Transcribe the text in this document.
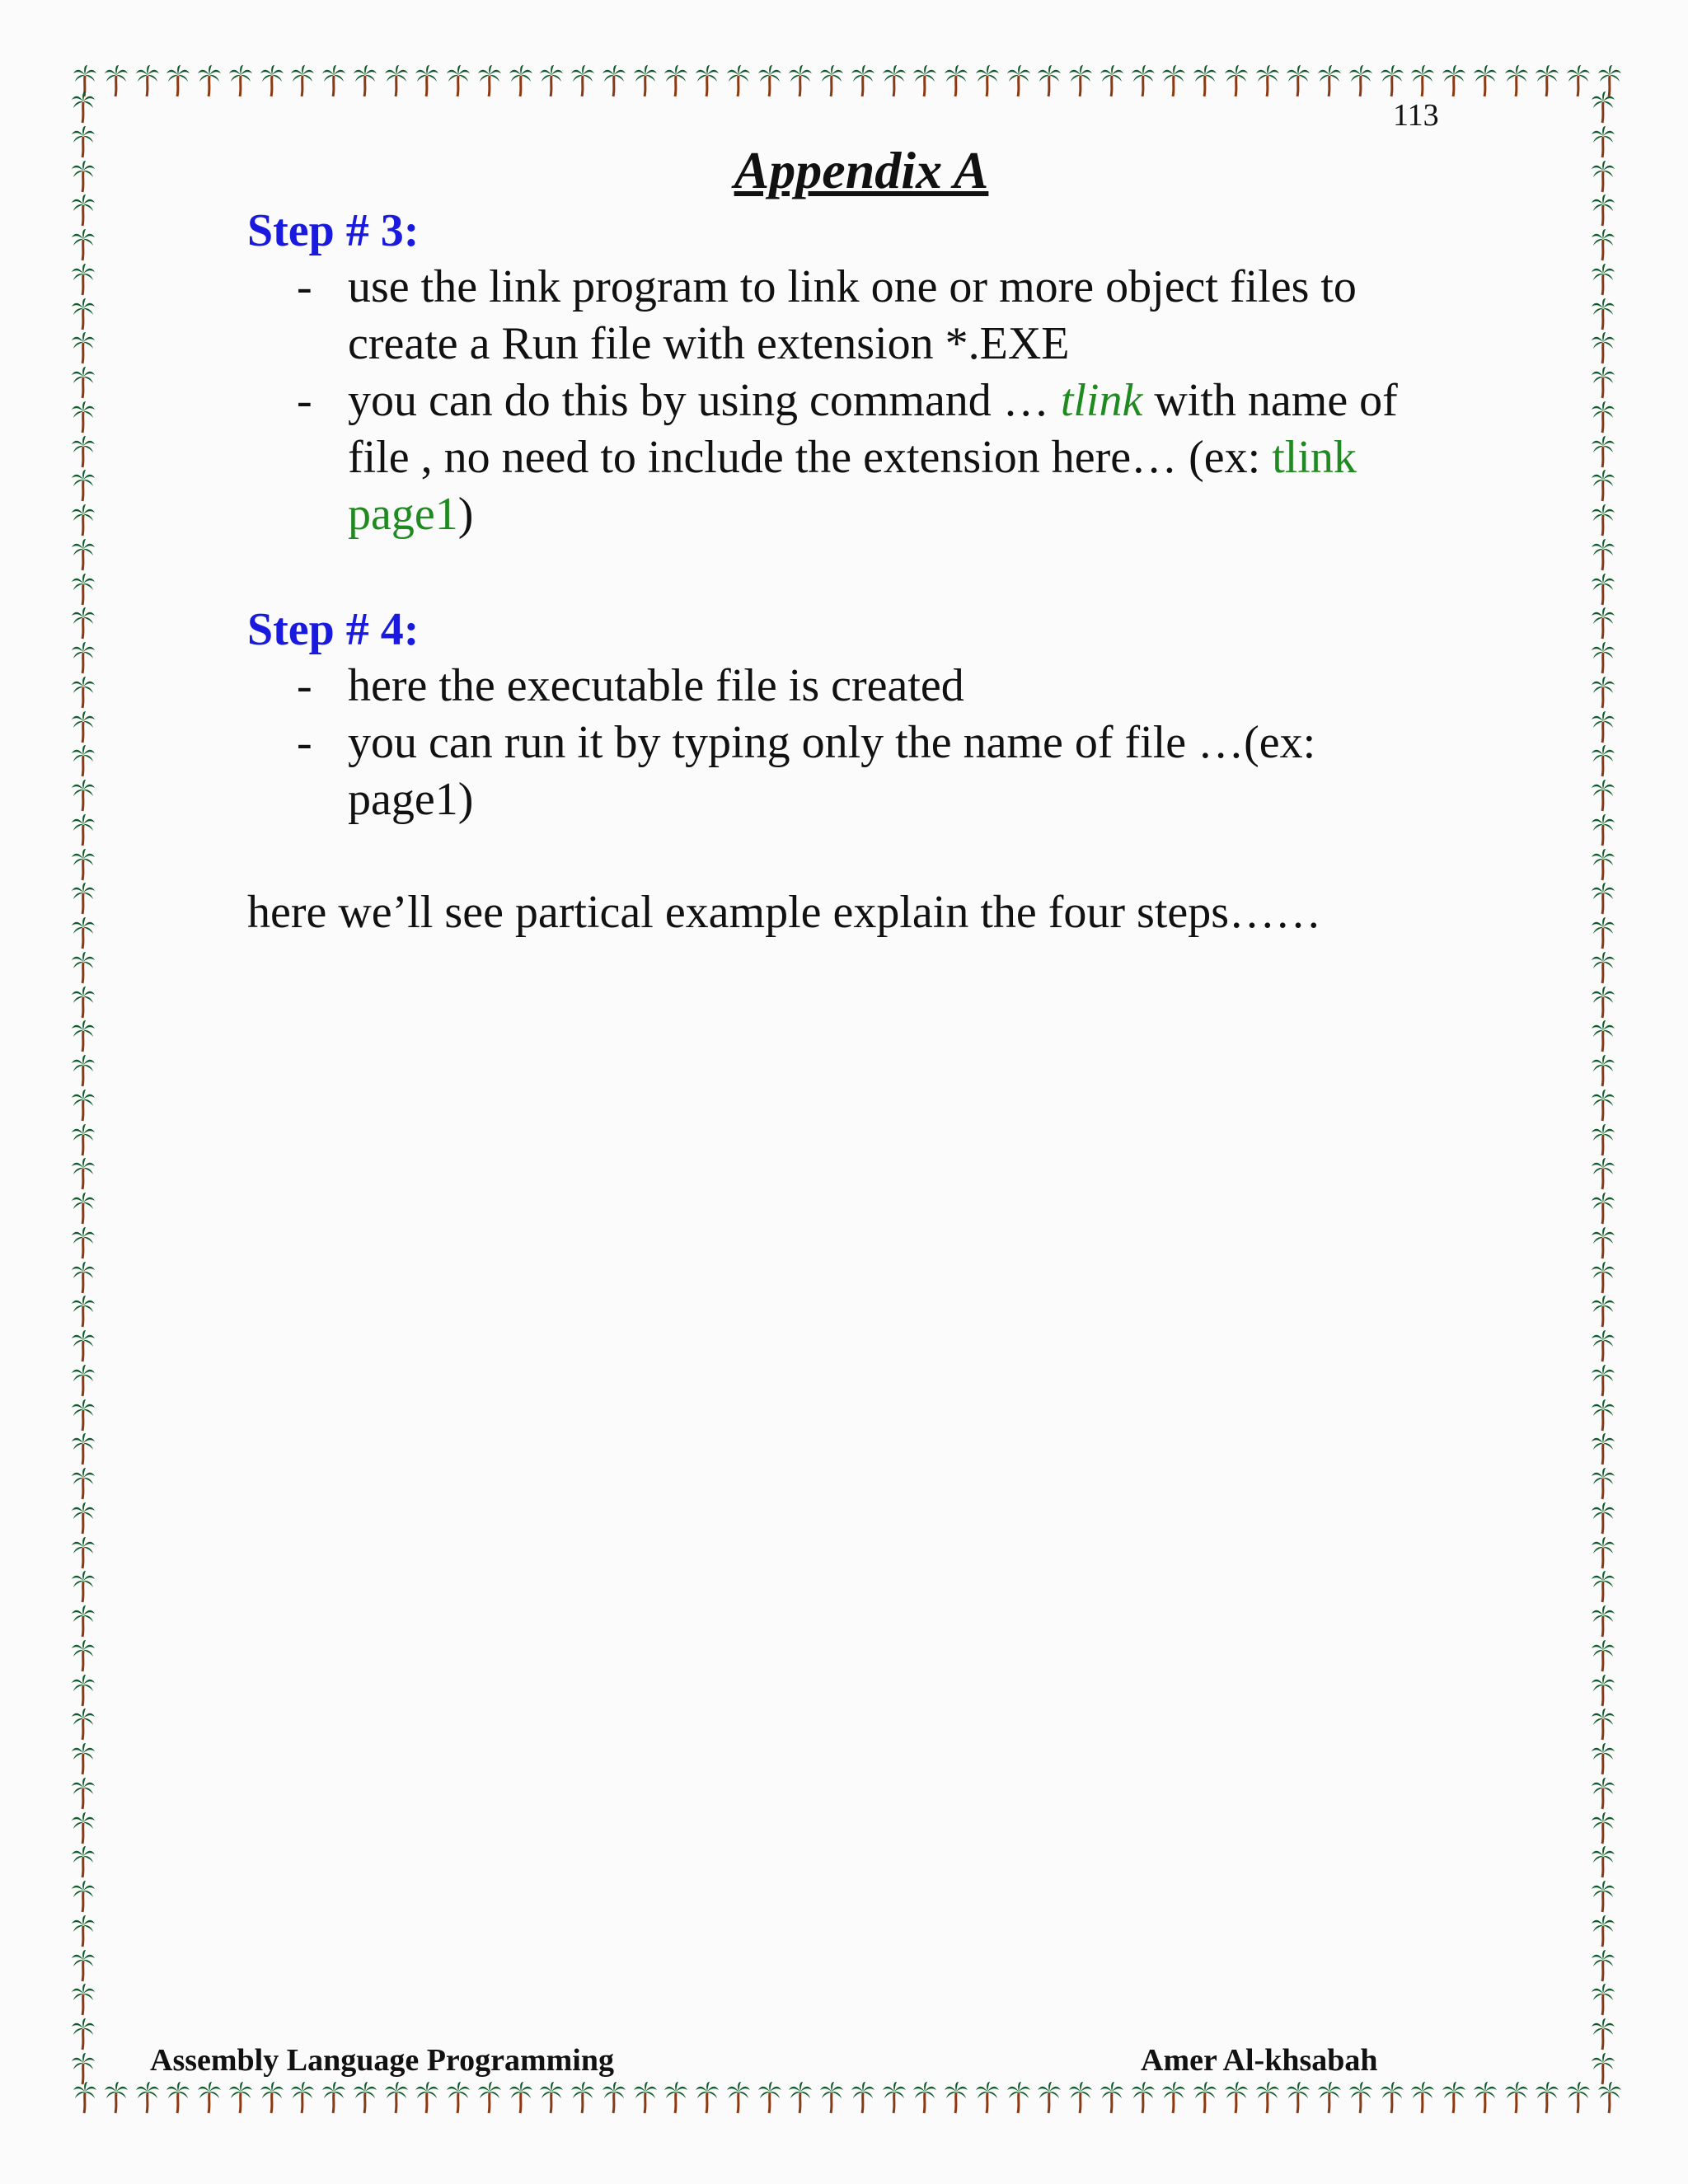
113
Appendix A
Step # 3:
- use the link program to link one or more object files to create a Run file with extension *.EXE
- you can do this by using command … tlink with name of file , no need to include the extension here… (ex: tlink page1)
Step # 4:
- here the executable file is created
- you can run it by typing only the name of file …(ex: page1)
here we’ll see partical example explain the four steps……
Assembly Language Programming	Amer Al-khsabah
